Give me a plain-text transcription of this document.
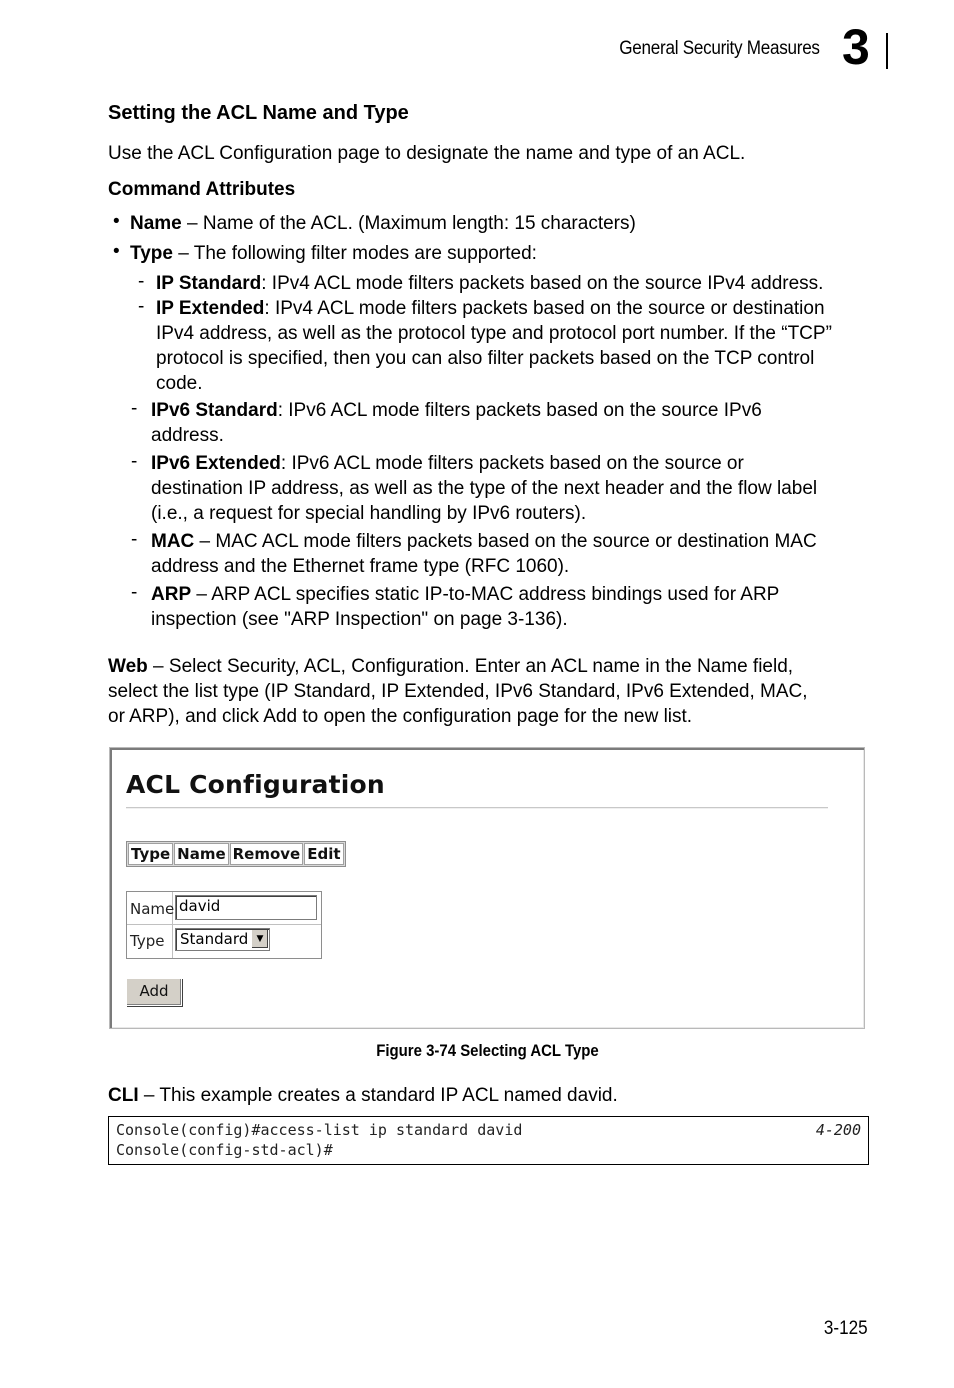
General Security Measures 3
Setting the ACL Name and Type
Use the ACL Configuration page to designate the name and type of an ACL.
Command Attributes
• Name – Name of the ACL. (Maximum length: 15 characters)
• Type – The following filter modes are supported:
- IP Standard: IPv4 ACL mode filters packets based on the source IPv4 address.
- IP Extended: IPv4 ACL mode filters packets based on the source or destination
IPv4 address, as well as the protocol type and protocol port number. If the “TCP”
protocol is specified, then you can also filter packets based on the TCP control
code.
- IPv6 Standard: IPv6 ACL mode filters packets based on the source IPv6
address.
- IPv6 Extended: IPv6 ACL mode filters packets based on the source or
destination IP address, as well as the type of the next header and the flow label
(i.e., a request for special handling by IPv6 routers).
- MAC – MAC ACL mode filters packets based on the source or destination MAC
address and the Ethernet frame type (RFC 1060).
- ARP – ARP ACL specifies static IP-to-MAC address bindings used for ARP
inspection (see "ARP Inspection" on page 3-136).
Web – Select Security, ACL, Configuration. Enter an ACL name in the Name field,
select the list type (IP Standard, IP Extended, IPv6 Standard, IPv6 Extended, MAC,
or ARP), and click Add to open the configuration page for the new list.
ACL Configuration
Type	Name	Remove	Edit
Name david
Type Standard ▼
Add
Figure 3-74 Selecting ACL Type
CLI – This example creates a standard IP ACL named david.
Console(config)#access-list ip standard david	4-200
Console(config-std-acl)#
3-125
